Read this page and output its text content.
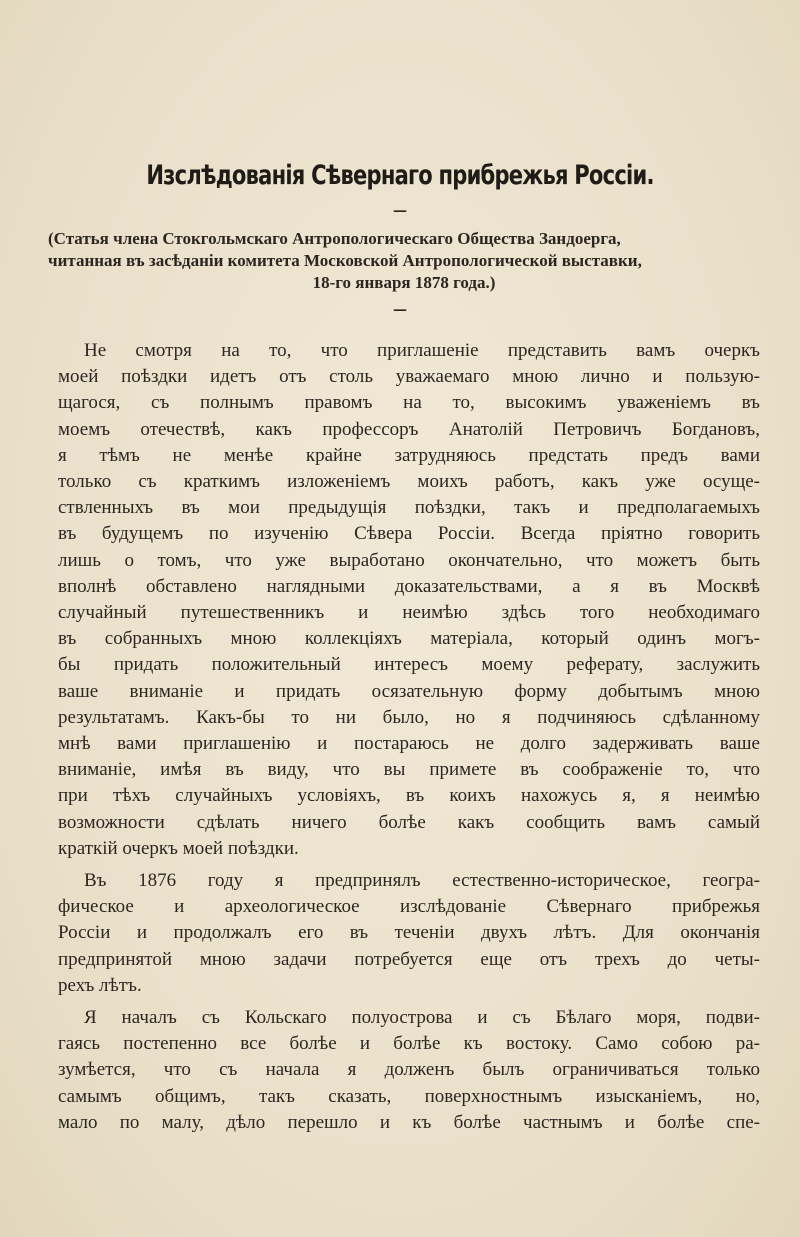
Изслѣдованія Сѣвернаго прибрежья Россіи.
—
(Статья члена Стокгольмскаго Антропологическаго Общества Зандоерга,
читанная въ засѣданіи комитета Московской Антропологической выставки,
18-го января 1878 года.)
—
Не смотря на то, что приглашеніе представить вамъ очеркъ
моей поѣздки идетъ отъ столь уважаемаго мною лично и пользую-
щагося, съ полнымъ правомъ на то, высокимъ уваженіемъ въ
моемъ отечествѣ, какъ профессоръ Анатолій Петровичъ Богдановъ,
я тѣмъ не менѣе крайне затрудняюсь предстать предъ вами
только съ краткимъ изложеніемъ моихъ работъ, какъ уже осуще-
ствленныхъ въ мои предыдущія поѣздки, такъ и предполагаемыхъ
въ будущемъ по изученію Сѣвера Россіи. Всегда пріятно говорить
лишь о томъ, что уже выработано окончательно, что можетъ быть
вполнѣ обставлено наглядными доказательствами, а я въ Москвѣ
случайный путешественникъ и неимѣю здѣсь того необходимаго
въ собранныхъ мною коллекціяхъ матеріала, который одинъ могъ-
бы придать положительный интересъ моему реферату, заслужить
ваше вниманіе и придать осязательную форму добытымъ мною
результатамъ. Какъ-бы то ни было, но я подчиняюсь сдѣланному
мнѣ вами приглашенію и постараюсь не долго задерживать ваше
вниманіе, имѣя въ виду, что вы примете въ соображеніе то, что
при тѣхъ случайныхъ условіяхъ, въ коихъ нахожусь я, я неимѣю
возможности сдѣлать ничего болѣе какъ сообщить вамъ самый
краткій очеркъ моей поѣздки.
Въ 1876 году я предпринялъ естественно-историческое, геогра-
фическое и археологическое изслѣдованіе Сѣвернаго прибрежья
Россіи и продолжалъ его въ теченіи двухъ лѣтъ. Для окончанія
предпринятой мною задачи потребуется еще отъ трехъ до четы-
рехъ лѣтъ.
Я началъ съ Кольскаго полуострова и съ Бѣлаго моря, подви-
гаясь постепенно все болѣе и болѣе къ востоку. Само собою ра-
зумѣется, что съ начала я долженъ былъ ограничиваться только
самымъ общимъ, такъ сказать, поверхностнымъ изысканіемъ, но,
мало по малу, дѣло перешло и къ болѣе частнымъ и болѣе спе-
